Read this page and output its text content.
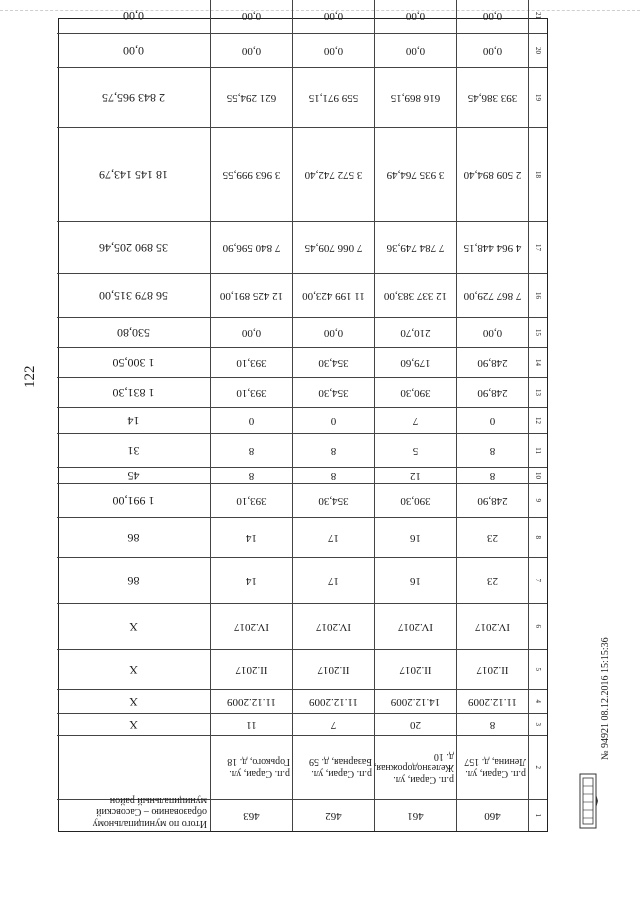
122
1
460
461
462
463
Итого по муниципальному образованию – Сасовский муниципальный район
2
р.п. Сараи, ул. Ленина, д. 157
р.п. Сараи, ул. Железнодорожная, д. 10
р.п. Сараи, ул. Базарная, д. 59
р.п. Сараи, ул. Горького, д. 18
3
8
20
7
11
X
4
11.12.2009
14.12.2009
11.12.2009
11.12.2009
X
5
II.2017
II.2017
II.2017
II.2017
X
6
IV.2017
IV.2017
IV.2017
IV.2017
X
7
23
16
17
14
86
8
23
16
17
14
86
9
248,90
390,30
354,30
393,10
1 991,00
10
8
12
8
8
45
11
8
5
8
8
31
12
0
7
0
0
14
13
248,90
390,30
354,30
393,10
1 831,30
14
248,90
179,60
354,30
393,10
1 300,50
15
0,00
210,70
0,00
0,00
530,80
16
7 867 729,00
12 337 383,00
11 199 423,00
12 425 891,00
56 879 315,00
17
4 964 448,15
7 784 749,36
7 066 709,45
7 840 596,90
35 890 205,46
18
2 509 894,40
3 935 764,49
3 572 742,40
3 963 999,55
18 145 143,79
19
393 386,45
616 869,15
559 971,15
621 294,55
2 843 965,75
20
0,00
0,00
0,00
0,00
0,00
21
0,00
0,00
0,00
0,00
0,00
№ 94921 08.12.2016 15:15:36
